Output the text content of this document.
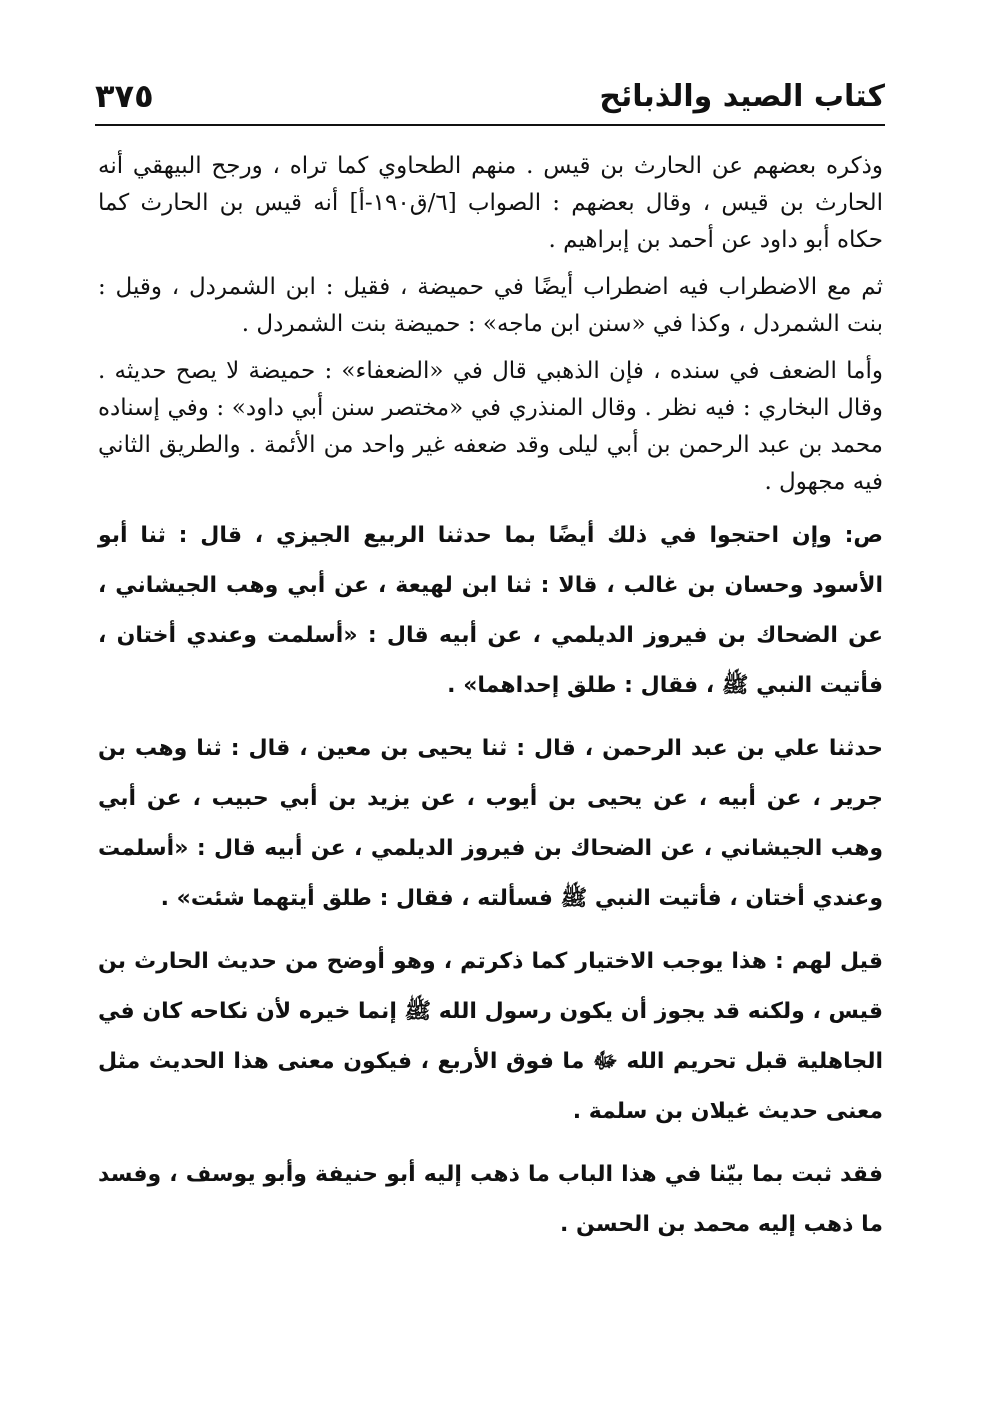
كتاب الصيد والذبائح
٣٧٥

وذكره بعضهم عن الحارث بن قيس . منهم الطحاوي كما تراه ، ورجح البيهقي أنه الحارث بن قيس ، وقال بعضهم : الصواب [٦/ق١٩٠-أ] أنه قيس بن الحارث كما حكاه أبو داود عن أحمد بن إبراهيم .

ثم مع الاضطراب فيه اضطراب أيضًا في حميضة ، فقيل : ابن الشمردل ، وقيل : بنت الشمردل ، وكذا في «سنن ابن ماجه» : حميضة بنت الشمردل .

وأما الضعف في سنده ، فإن الذهبي قال في «الضعفاء» : حميضة لا يصح حديثه . وقال البخاري : فيه نظر . وقال المنذري في «مختصر سنن أبي داود» : وفي إسناده محمد بن عبد الرحمن بن أبي ليلى وقد ضعفه غير واحد من الأئمة . والطريق الثاني فيه مجهول .

ص: وإن احتجوا في ذلك أيضًا بما حدثنا الربيع الجيزي ، قال : ثنا أبو الأسود وحسان بن غالب ، قالا : ثنا ابن لهيعة ، عن أبي وهب الجيشاني ، عن الضحاك بن فيروز الديلمي ، عن أبيه قال : «أسلمت وعندي أختان ، فأتيت النبي ﷺ ، فقال : طلق إحداهما» .

حدثنا علي بن عبد الرحمن ، قال : ثنا يحيى بن معين ، قال : ثنا وهب بن جرير ، عن أبيه ، عن يحيى بن أيوب ، عن يزيد بن أبي حبيب ، عن أبي وهب الجيشاني ، عن الضحاك بن فيروز الديلمي ، عن أبيه قال : «أسلمت وعندي أختان ، فأتيت النبي ﷺ فسألته ، فقال : طلق أيتهما شئت» .

قيل لهم : هذا يوجب الاختيار كما ذكرتم ، وهو أوضح من حديث الحارث بن قيس ، ولكنه قد يجوز أن يكون رسول الله ﷺ إنما خيره لأن نكاحه كان في الجاهلية قبل تحريم الله ﷻ ما فوق الأربع ، فيكون معنى هذا الحديث مثل معنى حديث غيلان بن سلمة .

فقد ثبت بما بيّنا في هذا الباب ما ذهب إليه أبو حنيفة وأبو يوسف ، وفسد ما ذهب إليه محمد بن الحسن .
